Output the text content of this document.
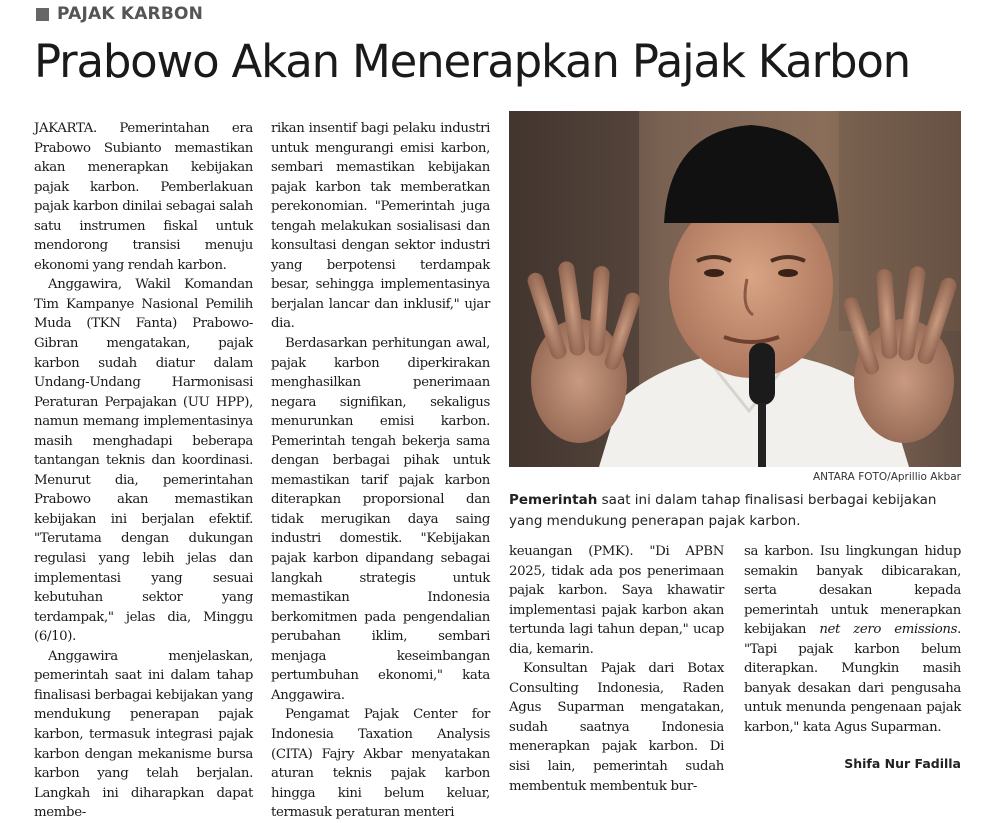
PAJAK KARBON
Prabowo Akan Menerapkan Pajak Karbon

JAKARTA. Pemerintahan era Prabowo Subianto memastikan akan menerapkan kebijakan pajak karbon. Pemberlakuan pajak karbon dinilai sebagai salah satu instrumen fiskal untuk mendorong transisi menuju ekonomi yang rendah karbon.

Anggawira, Wakil Komandan Tim Kampanye Nasional Pemilih Muda (TKN Fanta) Prabowo-Gibran mengatakan, pajak karbon sudah diatur dalam Undang-Undang Harmonisasi Peraturan Perpajakan (UU HPP), namun memang implementasinya masih menghadapi beberapa tantangan teknis dan koordinasi. Menurut dia, pemerintahan Prabowo akan memastikan kebijakan ini berjalan efektif. "Terutama dengan dukungan regulasi yang lebih jelas dan implementasi yang sesuai kebutuhan sektor yang terdampak," jelas dia, Minggu (6/10).

Anggawira menjelaskan, pemerintah saat ini dalam tahap finalisasi berbagai kebijakan yang mendukung penerapan pajak karbon, termasuk integrasi pajak karbon dengan mekanisme bursa karbon yang telah berjalan. Langkah ini diharapkan dapat membe-

rikan insentif bagi pelaku industri untuk mengurangi emisi karbon, sembari memastikan kebijakan pajak karbon tak memberatkan perekonomian. "Pemerintah juga tengah melakukan sosialisasi dan konsultasi dengan sektor industri yang berpotensi terdampak besar, sehingga implementasinya berjalan lancar dan inklusif," ujar dia.

Berdasarkan perhitungan awal, pajak karbon diperkirakan menghasilkan penerimaan negara signifikan, sekaligus menurunkan emisi karbon. Pemerintah tengah bekerja sama dengan berbagai pihak untuk memastikan tarif pajak karbon diterapkan proporsional dan tidak merugikan daya saing industri domestik. "Kebijakan pajak karbon dipandang sebagai langkah strategis untuk memastikan Indonesia berkomitmen pada pengendalian perubahan iklim, sembari menjaga keseimbangan pertumbuhan ekonomi," kata Anggawira.

Pengamat Pajak Center for Indonesia Taxation Analysis (CITA) Fajry Akbar menyatakan aturan teknis pajak karbon hingga kini belum keluar, termasuk peraturan menteri

ANTARA FOTO/Aprillio Akbar
Pemerintah saat ini dalam tahap finalisasi berbagai kebijakan yang mendukung penerapan pajak karbon.

keuangan (PMK). "Di APBN 2025, tidak ada pos penerimaan pajak karbon. Saya khawatir implementasi pajak karbon akan tertunda lagi tahun depan," ucap dia, kemarin.

Konsultan Pajak dari Botax Consulting Indonesia, Raden Agus Suparman mengatakan, sudah saatnya Indonesia menerapkan pajak karbon. Di sisi lain, pemerintah sudah membentuk membentuk bur-

sa karbon. Isu lingkungan hidup semakin banyak dibicarakan, serta desakan kepada pemerintah untuk menerapkan kebijakan net zero emissions. "Tapi pajak karbon belum diterapkan. Mungkin masih banyak desakan dari pengusaha untuk menunda pengenaan pajak karbon," kata Agus Suparman.

Shifa Nur Fadilla
